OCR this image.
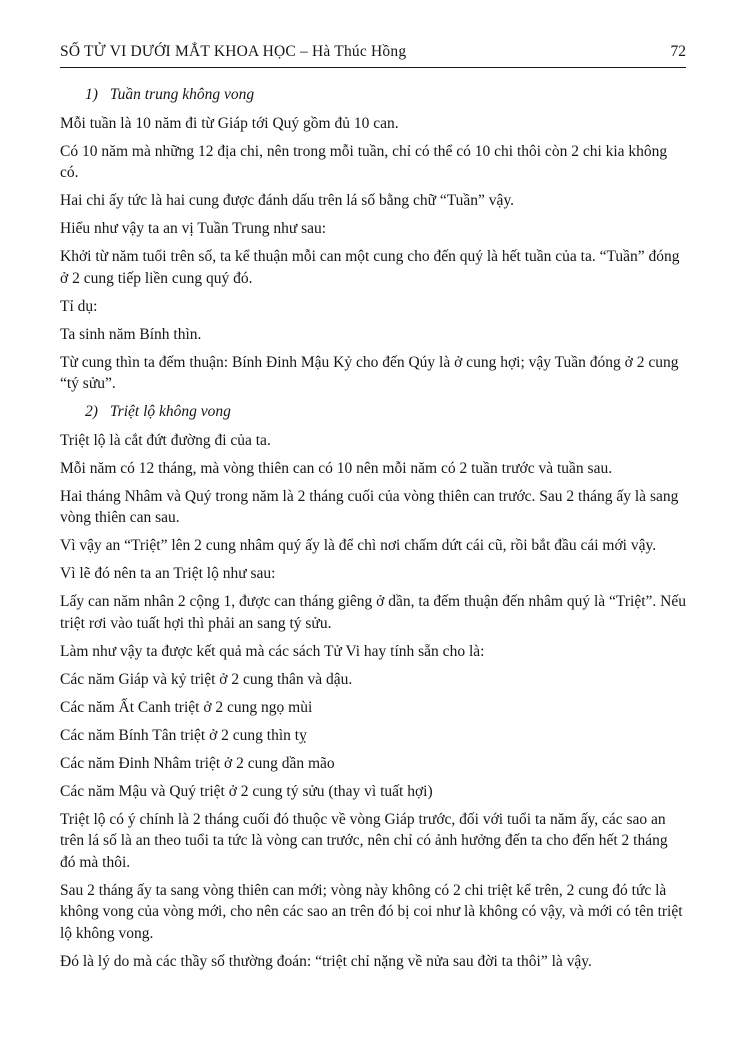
SỐ TỬ VI DƯỚI MẮT KHOA HỌC – Hà Thúc Hồng	72

1) Tuần trung không vong

Mỗi tuần là 10 năm đi từ Giáp tới Quý gồm đủ 10 can.

Có 10 năm mà những 12 địa chi, nên trong mỗi tuần, chỉ có thể có 10 chi thôi còn 2 chi kia không có.

Hai chi ấy tức là hai cung được đánh dấu trên lá số bằng chữ “Tuần” vậy.

Hiểu như vậy ta an vị Tuần Trung như sau:

Khởi từ năm tuổi trên số, ta kể thuận mỗi can một cung cho đến quý là hết tuần của ta. “Tuần” đóng ở 2 cung tiếp liền cung quý đó.

Tỉ dụ:

Ta sinh năm Bính thìn.

Từ cung thìn ta đếm thuận: Bính Đinh Mậu Kỷ cho đến Qúy là ở cung hợi; vậy Tuần đóng ở 2 cung “tý sửu”.

2) Triệt lộ không vong

Triệt lộ là cắt đứt đường đi của ta.

Mỗi năm có 12 tháng, mà vòng thiên can có 10 nên mỗi năm có 2 tuần trước và tuần sau.

Hai tháng Nhâm và Quý trong năm là 2 tháng cuối của vòng thiên can trước. Sau 2 tháng ấy là sang vòng thiên can sau.

Vì vậy an “Triệt” lên 2 cung nhâm quý ấy là để chì nơi chấm dứt cái cũ, rồi bắt đầu cái mới vậy.

Vì lẽ đó nên ta an Triệt lộ như sau:

Lấy can năm nhân 2 cộng 1, được can tháng giêng ở dần, ta đếm thuận đến nhâm quý là “Triệt”. Nếu triệt rơi vào tuất hợi thì phải an sang tý sửu.

Làm như vậy ta được kết quả mà các sách Tử Vi hay tính sẵn cho là:

Các năm Giáp và kỷ triệt ở 2 cung thân và dậu.

Các năm Ất Canh triệt ở 2 cung ngọ mùi

Các năm Bính Tân triệt ở 2 cung thìn tỵ

Các năm Đinh Nhâm triệt ở 2 cung dần mão

Các năm Mậu và Quý triệt ở 2 cung tý sửu (thay vì tuất hợi)

Triệt lộ có ý chính là 2 tháng cuối đó thuộc về vòng Giáp trước, đối với tuổi ta năm ấy, các sao an trên lá số là an theo tuổi ta tức là vòng can trước, nên chỉ có ảnh hưởng đến ta cho đến hết 2 tháng đó mà thôi.

Sau 2 tháng ấy ta sang vòng thiên can mới; vòng này không có 2 chi triệt kể trên, 2 cung đó tức là không vong của vòng mới, cho nên các sao an trên đó bị coi như là không có vậy, và mới có tên triệt lộ không vong.

Đó là lý do mà các thầy số thường đoán: “triệt chỉ nặng về nửa sau đời ta thôi” là vậy.
